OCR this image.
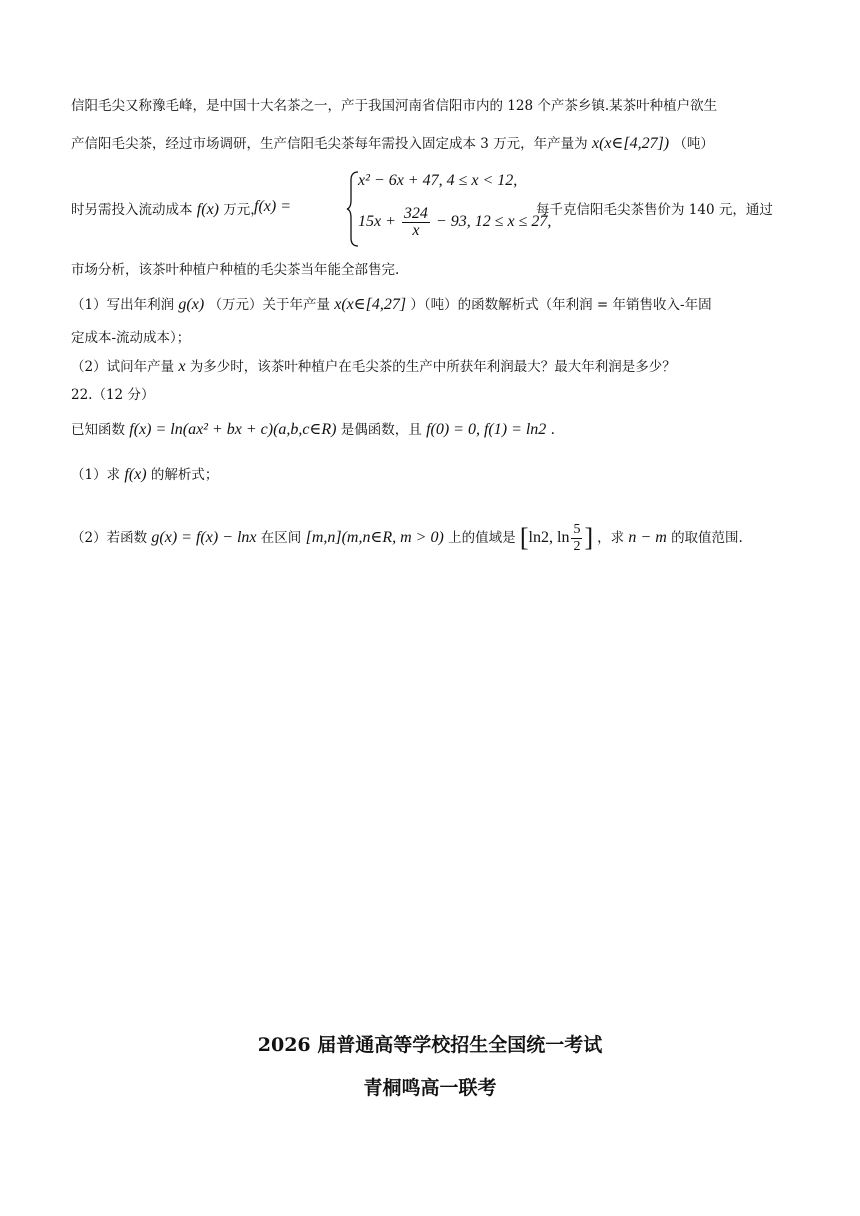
信阳毛尖又称豫毛峰，是中国十大名茶之一，产于我国河南省信阳市内的 128 个产茶乡镇.某茶叶种植户欲生
产信阳毛尖茶，经过市场调研，生产信阳毛尖茶每年需投入固定成本 3 万元，年产量为 x(x∈[4,27]) （吨）
时另需投入流动成本 f(x) 万元，
f(x) =
x² − 6x + 47, 4 ≤ x < 12,
$15x + \frac{324}{x} - 93$, 12 ≤ x ≤ 27,
每千克信阳毛尖茶售价为 140 元，通过
市场分析，该茶叶种植户种植的毛尖茶当年能全部售完.
（1）写出年利润 g(x) （万元）关于年产量 x(x∈[4,27] ）（吨）的函数解析式（年利润 = 年销售收入-年固
定成本-流动成本）；
（2）试问年产量 x 为多少时，该茶叶种植户在毛尖茶的生产中所获年利润最大？最大年利润是多少？
22.（12 分）
已知函数 f(x) = ln(ax² + bx + c)(a,b,c∈R) 是偶函数，且 f(0) = 0, f(1) = ln2 .
（1）求 f(x) 的解析式；
（2）若函数 g(x) = f(x) − lnx 在区间 [m,n](m,n∈R, m > 0) 上的值域是 [ln2, $\ln \frac{5}{2}$ ] ，求 n − m 的取值范围.
2026 届普通高等学校招生全国统一考试
青桐鸣高一联考
